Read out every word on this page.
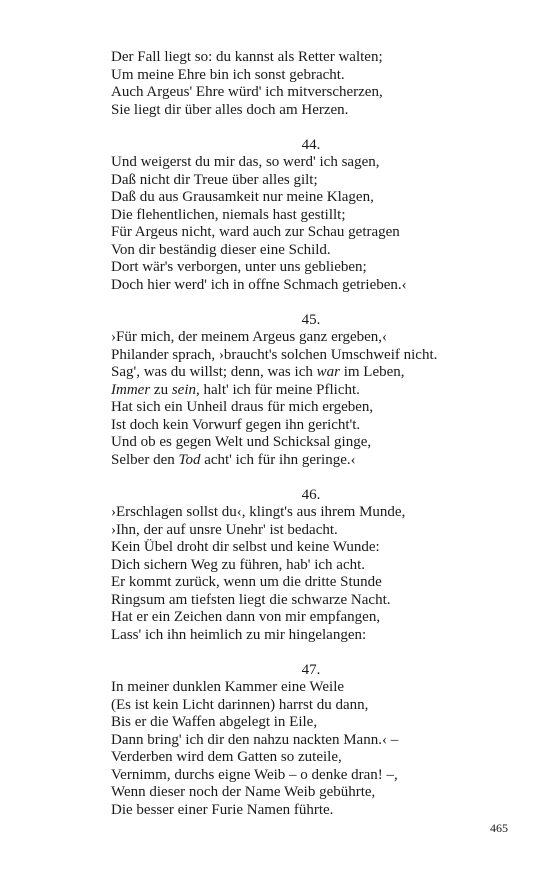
Der Fall liegt so: du kannst als Retter walten;
Um meine Ehre bin ich sonst gebracht.
Auch Argeus' Ehre würd' ich mitverscherzen,
Sie liegt dir über alles doch am Herzen.
44.
Und weigerst du mir das, so werd' ich sagen,
Daß nicht dir Treue über alles gilt;
Daß du aus Grausamkeit nur meine Klagen,
Die flehentlichen, niemals hast gestillt;
Für Argeus nicht, ward auch zur Schau getragen
Von dir beständig dieser eine Schild.
Dort wär's verborgen, unter uns geblieben;
Doch hier werd' ich in offne Schmach getrieben.‹
45.
›Für mich, der meinem Argeus ganz ergeben,‹
Philander sprach, ›braucht's solchen Umschweif nicht.
Sag', was du willst; denn, was ich war im Leben,
Immer zu sein, halt' ich für meine Pflicht.
Hat sich ein Unheil draus für mich ergeben,
Ist doch kein Vorwurf gegen ihn gericht't.
Und ob es gegen Welt und Schicksal ginge,
Selber den Tod acht' ich für ihn geringe.‹
46.
›Erschlagen sollst du‹, klingt's aus ihrem Munde,
›Ihn, der auf unsre Unehr' ist bedacht.
Kein Übel droht dir selbst und keine Wunde:
Dich sichern Weg zu führen, hab' ich acht.
Er kommt zurück, wenn um die dritte Stunde
Ringsum am tiefsten liegt die schwarze Nacht.
Hat er ein Zeichen dann von mir empfangen,
Lass' ich ihn heimlich zu mir hingelangen:
47.
In meiner dunklen Kammer eine Weile
(Es ist kein Licht darinnen) harrst du dann,
Bis er die Waffen abgelegt in Eile,
Dann bring' ich dir den nahzu nackten Mann.‹ –
Verderben wird dem Gatten so zuteile,
Vernimm, durchs eigne Weib – o denke dran! –,
Wenn dieser noch der Name Weib gebührte,
Die besser einer Furie Namen führte.
465
